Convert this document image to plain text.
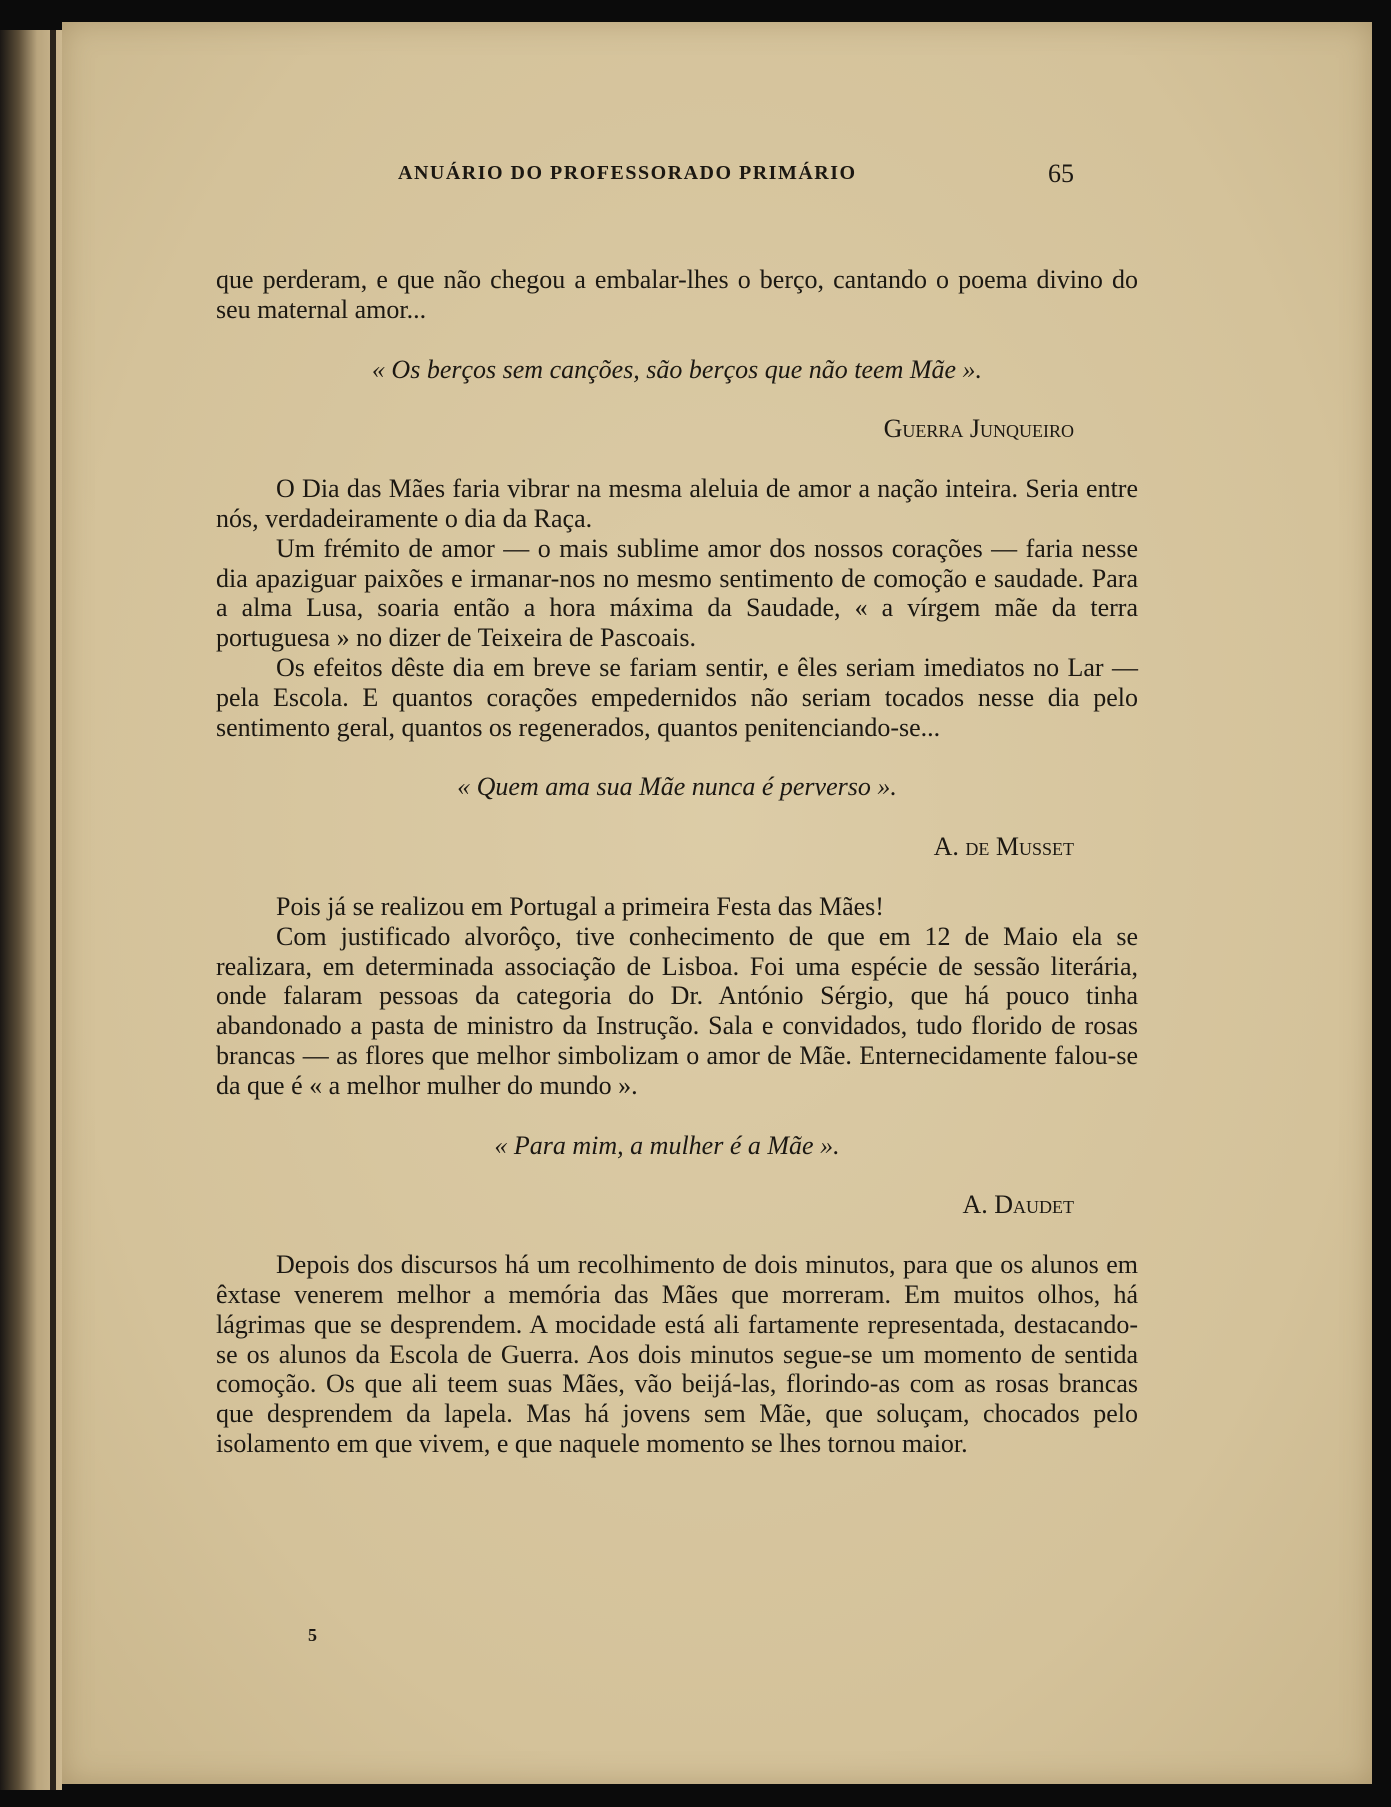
ANUÁRIO DO PROFESSORADO PRIMÁRIO	65

que perderam, e que não chegou a embalar-lhes o berço, cantando o poema divino do seu maternal amor...

« Os berços sem canções, são berços que não teem Mãe ».

Guerra Junqueiro

O Dia das Mães faria vibrar na mesma aleluia de amor a nação inteira. Seria entre nós, verdadeiramente o dia da Raça.

Um frémito de amor — o mais sublime amor dos nossos corações — faria nesse dia apaziguar paixões e irmanar-nos no mesmo sentimento de comoção e saudade. Para a alma Lusa, soaria então a hora máxima da Saudade, « a vírgem mãe da terra portuguesa » no dizer de Teixeira de Pascoais.

Os efeitos dêste dia em breve se fariam sentir, e êles seriam imediatos no Lar — pela Escola. E quantos corações empedernidos não seriam tocados nesse dia pelo sentimento geral, quantos os regenerados, quantos penitenciando-se...

« Quem ama sua Mãe nunca é perverso ».

A. de Musset

Pois já se realizou em Portugal a primeira Festa das Mães!

Com justificado alvorôço, tive conhecimento de que em 12 de Maio ela se realizara, em determinada associação de Lisboa. Foi uma espécie de sessão literária, onde falaram pessoas da categoria do Dr. António Sérgio, que há pouco tinha abandonado a pasta de ministro da Instrução. Sala e convidados, tudo florido de rosas brancas — as flores que melhor simbolizam o amor de Mãe. Enternecidamente falou-se da que é « a melhor mulher do mundo ».

« Para mim, a mulher é a Mãe ».

A. Daudet

Depois dos discursos há um recolhimento de dois minutos, para que os alunos em êxtase venerem melhor a memória das Mães que morreram. Em muitos olhos, há lágrimas que se desprendem. A mocidade está ali fartamente representada, destacando-se os alunos da Escola de Guerra. Aos dois minutos segue-se um momento de sentida comoção. Os que ali teem suas Mães, vão beijá-las, florindo-as com as rosas brancas que desprendem da lapela. Mas há jovens sem Mãe, que soluçam, chocados pelo isolamento em que vivem, e que naquele momento se lhes tornou maior.

5
